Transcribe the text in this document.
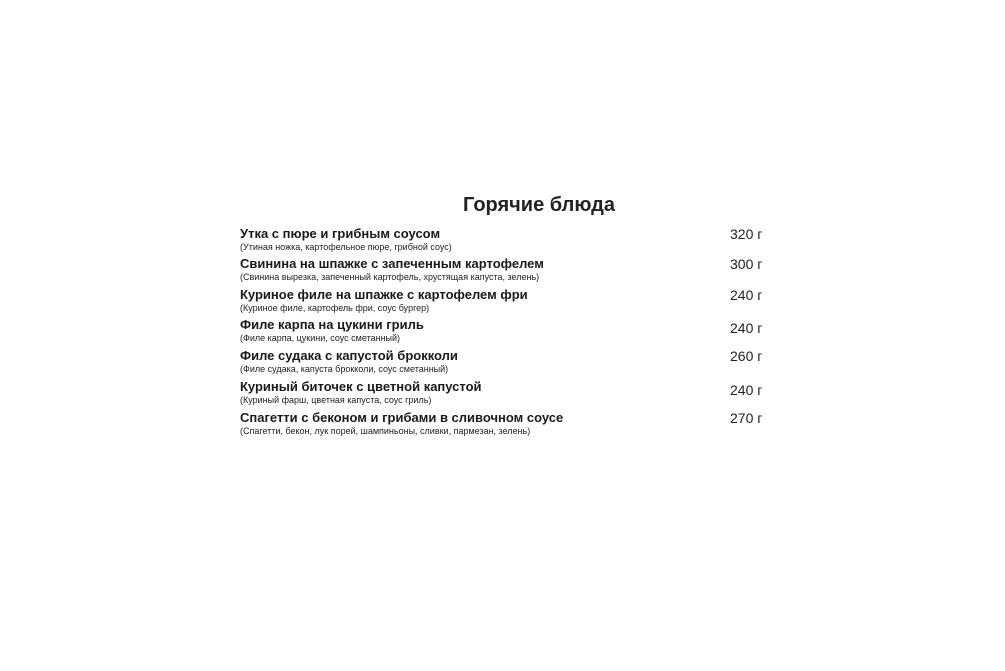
Горячие блюда
Утка с пюре и грибным соусом
(Утиная ножка, картофельное пюре, грибной соус)
320 г
Свинина на шпажке с запеченным картофелем
(Свинина вырезка, запеченный картофель, хрустящая капуста, зелень)
300 г
Куриное филе на шпажке с картофелем фри
(Куриное филе, картофель фри, соус бургер)
240 г
Филе карпа на цукини гриль
(Филе карпа, цукини, соус сметанный)
240 г
Филе судака с капустой брокколи
(Филе судака, капуста брокколи, соус сметанный)
260 г
Куриный биточек с цветной капустой
(Куриный фарш, цветная капуста, соус гриль)
240 г
Спагетти с беконом и грибами в сливочном соусе
(Спагетти, бекон, лук порей, шампиньоны, сливки, пармезан, зелень)
270 г
